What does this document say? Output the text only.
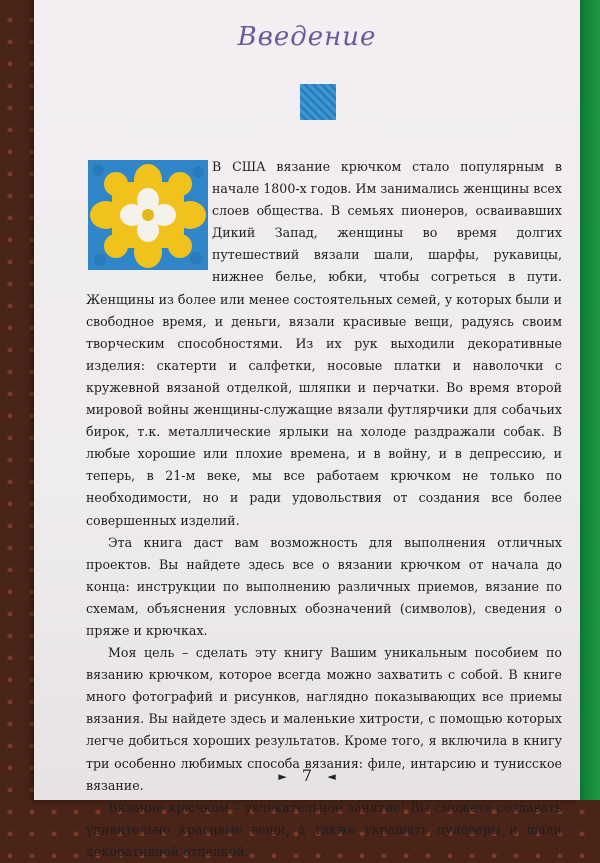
Введение

В США вязание крючком стало популярным в начале 1800-х годов. Им занимались женщины всех слоев общества. В семьях пионеров, осваивавших Дикий Запад, женщины во время долгих путешествий вязали шали, шарфы, рукавицы, нижнее белье, юбки, чтобы согреться в пути. Женщины из более или менее состоятельных семей, у которых были и свободное время, и деньги, вязали красивые вещи, радуясь своим творческим способностями. Из их рук выходили декоративные изделия: скатерти и салфетки, носовые платки и наволочки с кружевной вязаной отделкой, шляпки и перчатки. Во время второй мировой войны женщины-служащие вязали футлярчики для собачьих бирок, т.к. металлические ярлыки на холоде раздражали собак. В любые хорошие или плохие времена, и в войну, и в депрессию, и теперь, в 21-м веке, мы все работаем крючком не только по необходимости, но и ради удовольствия от создания все более совершенных изделий.

Эта книга даст вам возможность для выполнения отличных проектов. Вы найдете здесь все о вязании крючком от начала до конца: инструкции по выполнению различных приемов, вязание по схемам, объяснения условных обозначений (символов), сведения о пряже и крючках.

Моя цель – сделать эту книгу Вашим уникальным пособием по вязанию крючком, которое всегда можно захватить с собой. В книге много фотографий и рисунков, наглядно показывающих все приемы вязания. Вы найдете здесь и маленькие хитрости, с помощью которых легче добиться хороших результатов. Кроме того, я включила в книгу три особенно любимых способа вязания: филе, интарсию и тунисское вязание.

Вязание крючком – увлекательное занятие! Вы сможете создавать удивительно красивые вещи, а также украшать пуловеры и шали декоративной отделкой.

► 7 ◄
